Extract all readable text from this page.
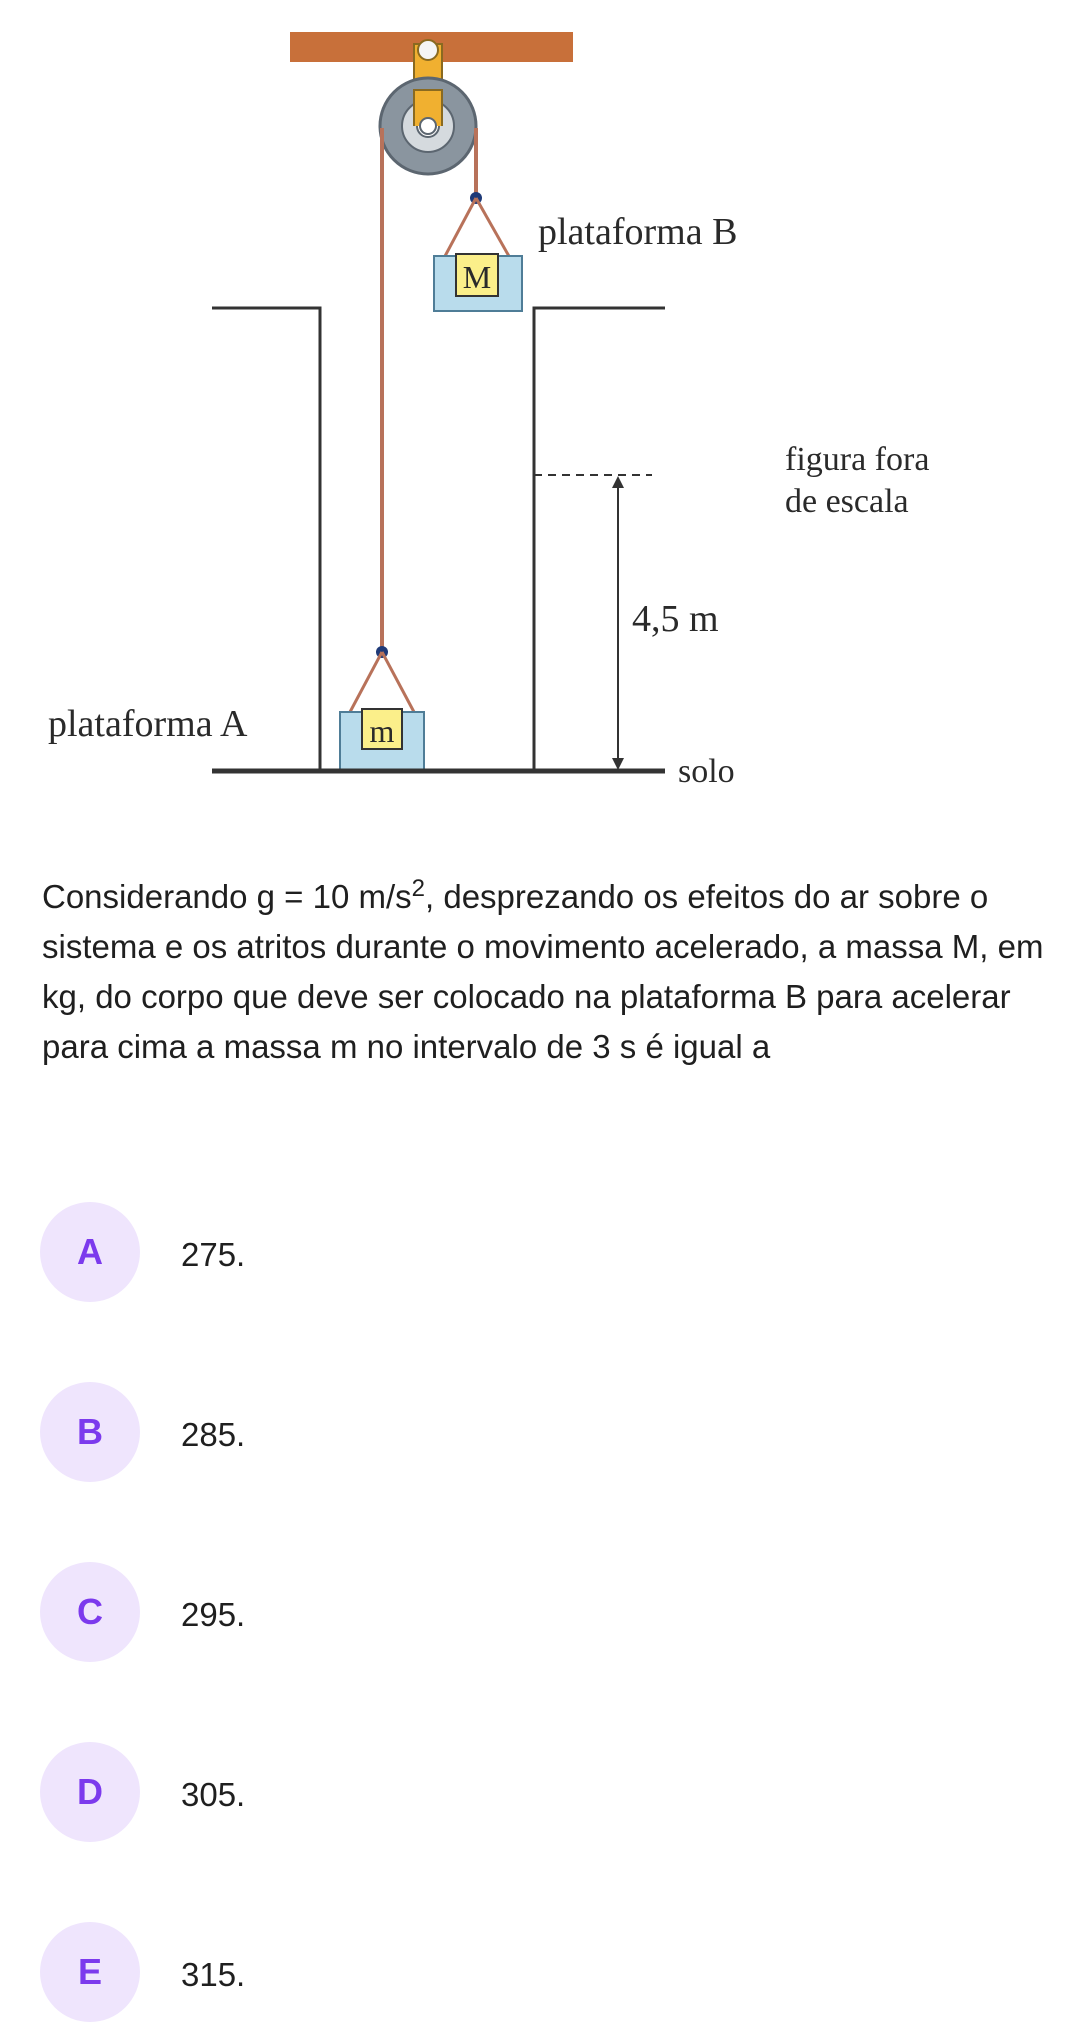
M
m
plataforma B
figura fora
de escala
4,5 m
plataforma A
solo
Considerando g = 10 $m/s^2$, desprezando os efeitos do ar sobre o sistema e os atritos durante o movimento acelerado, a massa M, em kg, do corpo que deve ser colocado na plataforma B para acelerar para cima a massa m no intervalo de 3 s é igual a
A	275.
B	285.
C	295.
D	305.
E	315.
